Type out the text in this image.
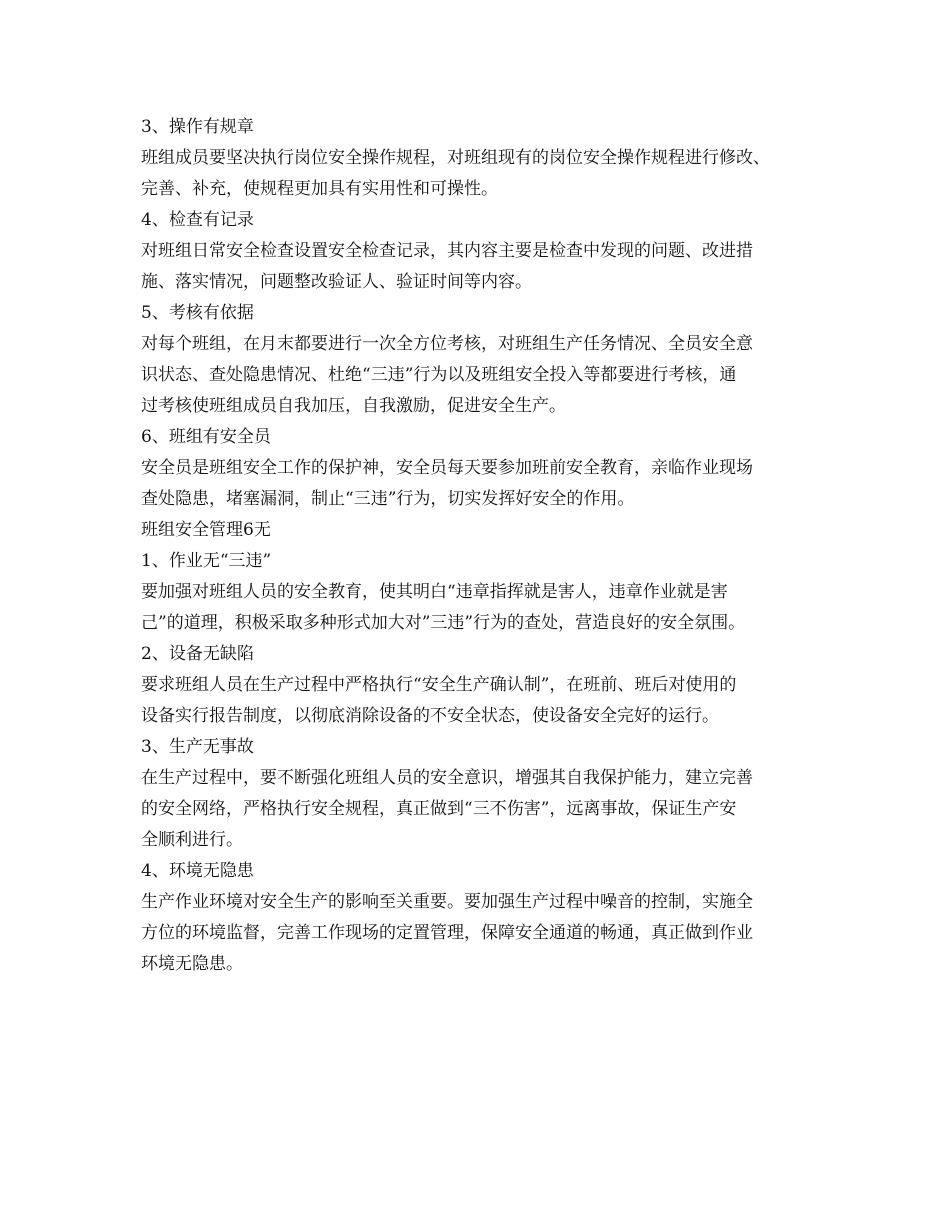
3、操作有规章

班组成员要坚决执行岗位安全操作规程，对班组现有的岗位安全操作规程进行修改、

完善、补充，使规程更加具有实用性和可操性。

4、检查有记录

对班组日常安全检查设置安全检查记录，其内容主要是检查中发现的问题、改进措

施、落实情况，问题整改验证人、验证时间等内容。

5、考核有依据

对每个班组，在月末都要进行一次全方位考核，对班组生产任务情况、全员安全意

识状态、查处隐患情况、杜绝“三违”行为以及班组安全投入等都要进行考核，通

过考核使班组成员自我加压，自我激励，促进安全生产。

6、班组有安全员

安全员是班组安全工作的保护神，安全员每天要参加班前安全教育，亲临作业现场

查处隐患，堵塞漏洞，制止“三违”行为，切实发挥好安全的作用。

班组安全管理6无

1、作业无“三违”

要加强对班组人员的安全教育，使其明白“违章指挥就是害人，违章作业就是害

己”的道理，积极采取多种形式加大对”三违”行为的查处，营造良好的安全氛围。

2、设备无缺陷

要求班组人员在生产过程中严格执行“安全生产确认制”，在班前、班后对使用的

设备实行报告制度，以彻底消除设备的不安全状态，使设备安全完好的运行。

3、生产无事故

在生产过程中，要不断强化班组人员的安全意识，增强其自我保护能力，建立完善

的安全网络，严格执行安全规程，真正做到“三不伤害”，远离事故，保证生产安

全顺利进行。

4、环境无隐患

生产作业环境对安全生产的影响至关重要。要加强生产过程中噪音的控制，实施全

方位的环境监督，完善工作现场的定置管理，保障安全通道的畅通，真正做到作业

环境无隐患。
